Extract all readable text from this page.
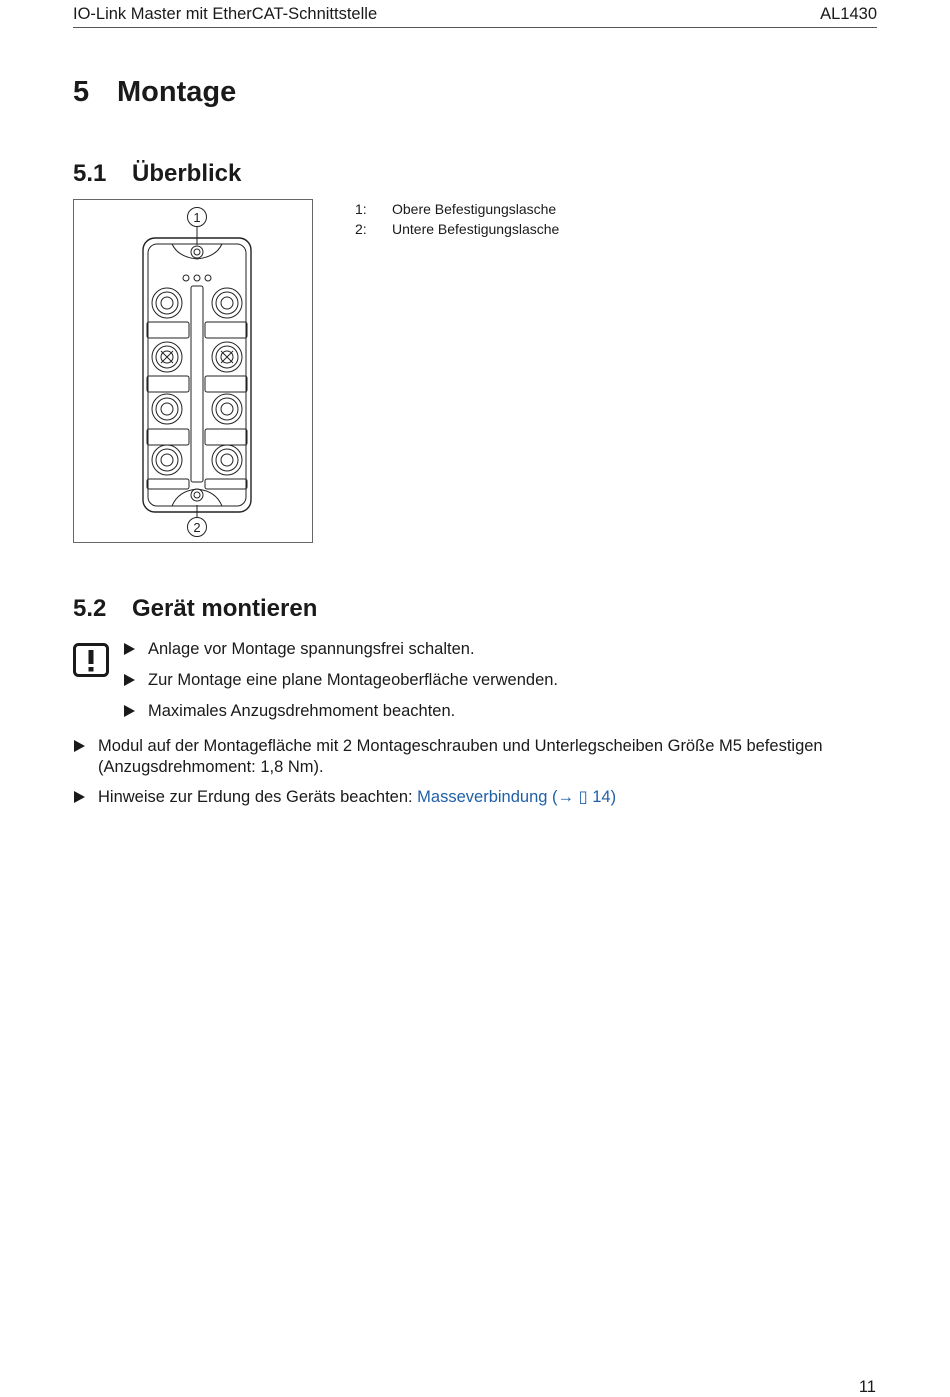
IO-Link Master mit EtherCAT-Schnittstelle	AL1430
5 Montage
5.1 Überblick
1
2
1: Obere Befestigungslasche
2: Untere Befestigungslasche
5.2 Gerät montieren
Anlage vor Montage spannungsfrei schalten.
Zur Montage eine plane Montageoberfläche verwenden.
Maximales Anzugsdrehmoment beachten.
Modul auf der Montagefläche mit 2 Montageschrauben und Unterlegscheiben Größe M5 befestigen
(Anzugsdrehmoment: 1,8 Nm).
Hinweise zur Erdung des Geräts beachten: Masseverbindung (→ ▯ 14)
11
